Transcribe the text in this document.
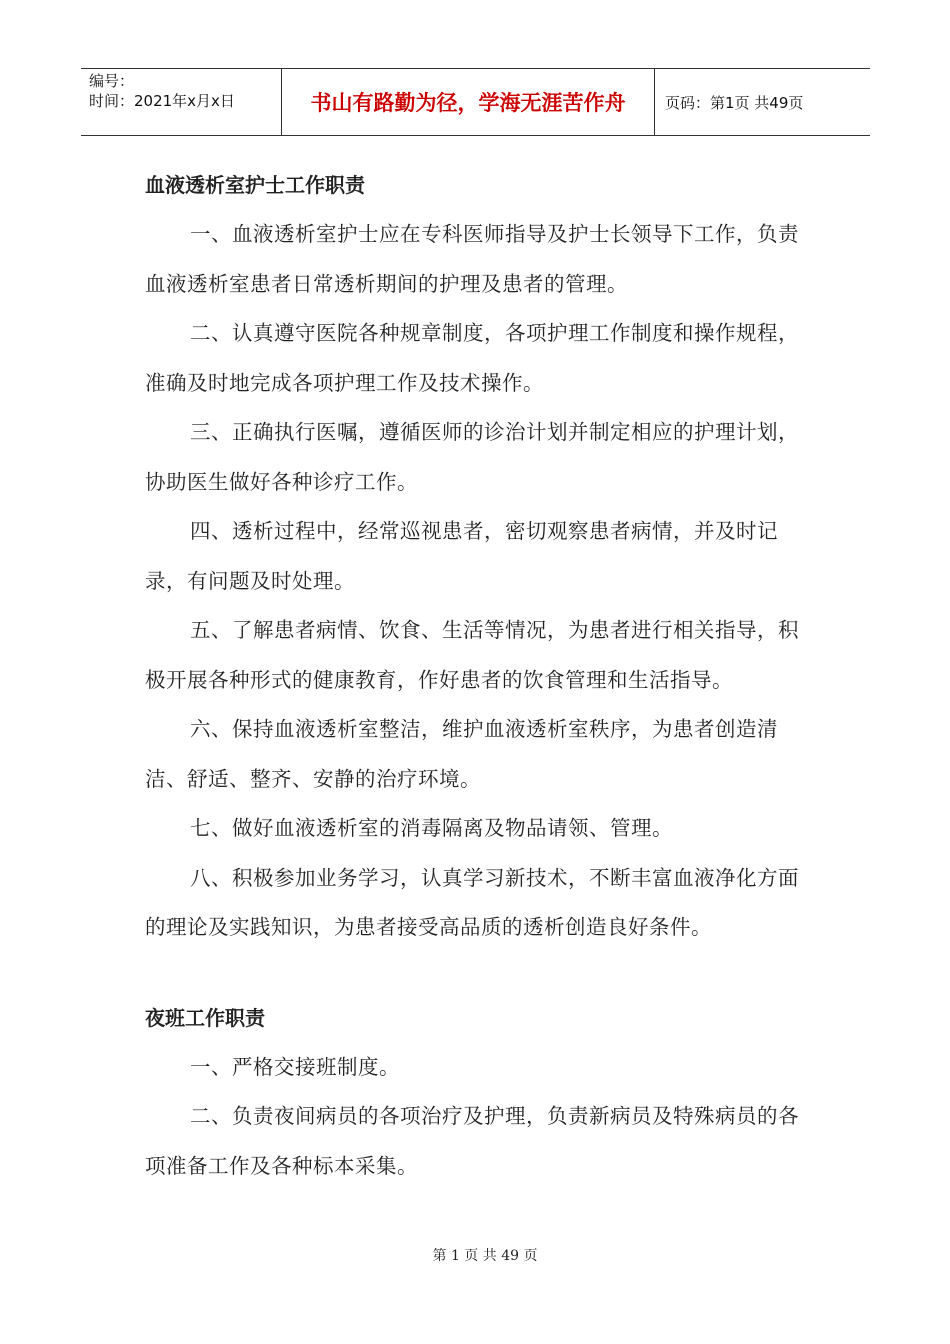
编号：
时间：2021年x月x日	书山有路勤为径，学海无涯苦作舟	页码：第1页 共49页
血液透析室护士工作职责

一、血液透析室护士应在专科医师指导及护士长领导下工作，负责血液透析室患者日常透析期间的护理及患者的管理。

二、认真遵守医院各种规章制度，各项护理工作制度和操作规程，准确及时地完成各项护理工作及技术操作。

三、正确执行医嘱，遵循医师的诊治计划并制定相应的护理计划，协助医生做好各种诊疗工作。

四、透析过程中，经常巡视患者，密切观察患者病情，并及时记录，有问题及时处理。

五、了解患者病情、饮食、生活等情况，为患者进行相关指导，积极开展各种形式的健康教育，作好患者的饮食管理和生活指导。

六、保持血液透析室整洁，维护血液透析室秩序，为患者创造清洁、舒适、整齐、安静的治疗环境。

七、做好血液透析室的消毒隔离及物品请领、管理。

八、积极参加业务学习，认真学习新技术，不断丰富血液净化方面的理论及实践知识，为患者接受高品质的透析创造良好条件。

夜班工作职责

一、严格交接班制度。

二、负责夜间病员的各项治疗及护理，负责新病员及特殊病员的各项准备工作及各种标本采集。

第 1 页 共 49 页
